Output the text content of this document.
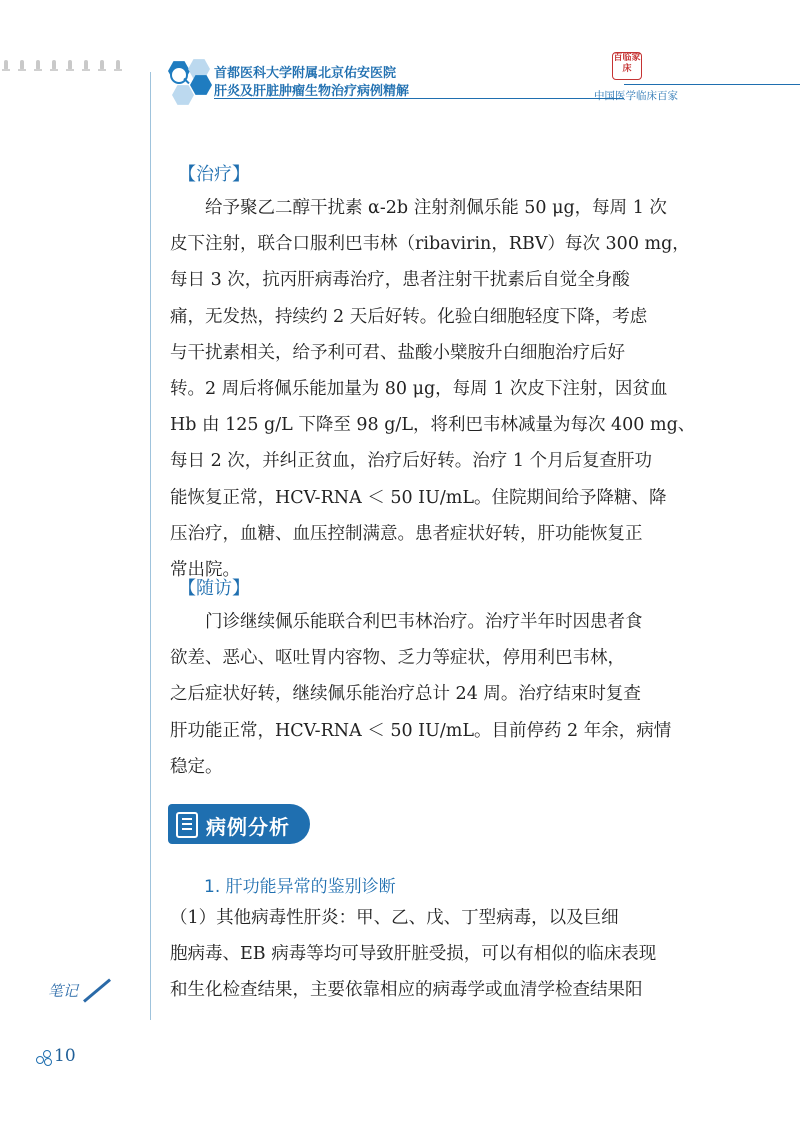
首都医科大学附属北京佑安医院
肝炎及肝脏肿瘤生物治疗病例精解
百临家床
中国医学临床百家
【治疗】
给予聚乙二醇干扰素 α-2b 注射剂佩乐能 50 μg，每周 1 次
皮下注射，联合口服利巴韦林（ribavirin，RBV）每次 300 mg，
每日 3 次，抗丙肝病毒治疗，患者注射干扰素后自觉全身酸
痛，无发热，持续约 2 天后好转。化验白细胞轻度下降，考虑
与干扰素相关，给予利可君、盐酸小檗胺升白细胞治疗后好
转。2 周后将佩乐能加量为 80 μg，每周 1 次皮下注射，因贫血
Hb 由 125 g/L 下降至 98 g/L，将利巴韦林减量为每次 400 mg、
每日 2 次，并纠正贫血，治疗后好转。治疗 1 个月后复查肝功
能恢复正常，HCV-RNA ＜ 50 IU/mL。住院期间给予降糖、降
压治疗，血糖、血压控制满意。患者症状好转，肝功能恢复正
常出院。
【随访】
门诊继续佩乐能联合利巴韦林治疗。治疗半年时因患者食
欲差、恶心、呕吐胃内容物、乏力等症状，停用利巴韦林，
之后症状好转，继续佩乐能治疗总计 24 周。治疗结束时复查
肝功能正常，HCV-RNA ＜ 50 IU/mL。目前停药 2 年余，病情
稳定。
病例分析
1. 肝功能异常的鉴别诊断
（1）其他病毒性肝炎：甲、乙、戊、丁型病毒，以及巨细
胞病毒、EB 病毒等均可导致肝脏受损，可以有相似的临床表现
和生化检查结果，主要依靠相应的病毒学或血清学检查结果阳
笔记
10
